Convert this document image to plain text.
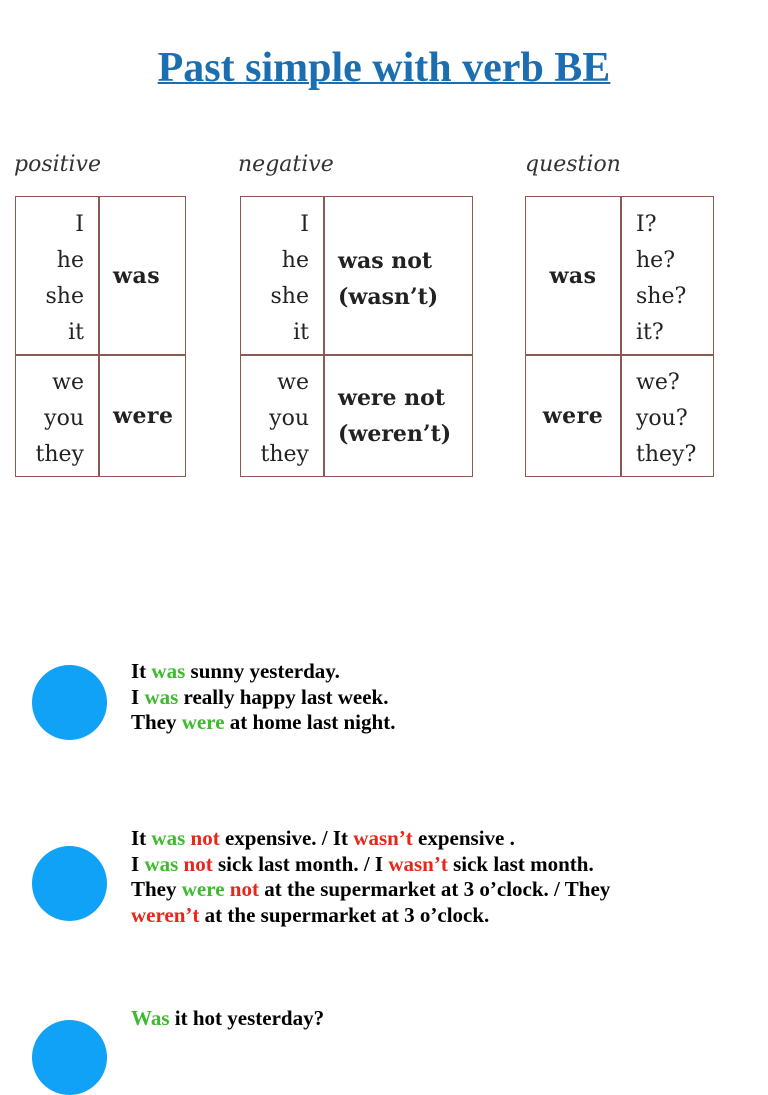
Past simple with verb BE
positive
I
he
she
it
was
we
you
they
were
negative
I
he
she
it
was not
(wasn’t)
we
you
they
were not
(weren’t)
question
was
I?
he?
she?
it?
were
we?
you?
they?
It was sunny yesterday.
I was really happy last week.
They were at home last night.
It was not expensive. / It wasn’t expensive .
I was not sick last month. / I wasn’t sick last month.
They were not at the supermarket at 3 o’clock. / They
weren’t at the supermarket at 3 o’clock.
Was it hot yesterday?
